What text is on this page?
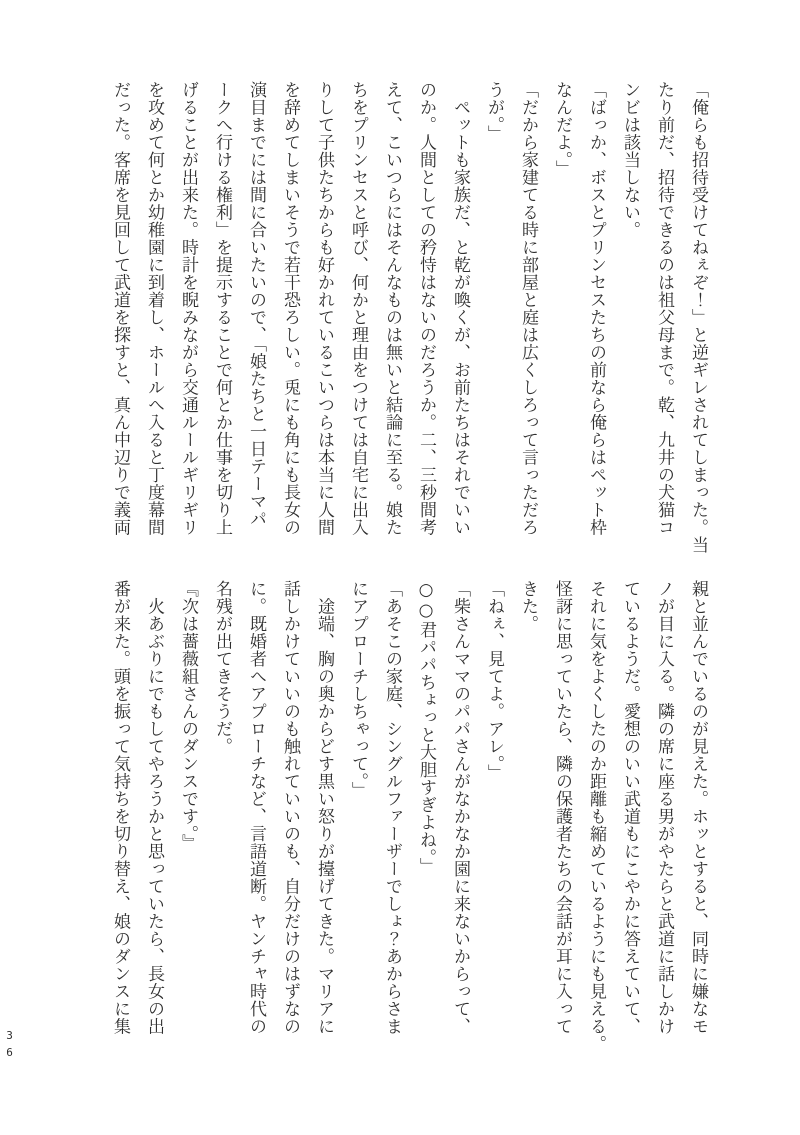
「俺らも招待受けてねぇぞ！」と逆ギレされてしまった。当
たり前だ、招待できるのは祖父母まで。乾、九井の犬猫コ
ンビは該当しない。
「ばっか、ボスとプリンセスたちの前なら俺らはペット枠
なんだよ。」
「だから家建てる時に部屋と庭は広くしろって言っただろ
うが。」
　ペットも家族だ、と乾が喚くが、お前たちはそれでいい
のか。人間としての矜恃はないのだろうか。二、三秒間考
えて、こいつらにはそんなものは無いと結論に至る。娘た
ちをプリンセスと呼び、何かと理由をつけては自宅に出入
りして子供たちからも好かれているこいつらは本当に人間
を辞めてしまいそうで若干恐ろしい。兎にも角にも長女の
演目までには間に合いたいので、「娘たちと一日テーマパ
ークへ行ける権利」を提示することで何とか仕事を切り上
げることが出来た。時計を睨みながら交通ルールギリギリ
を攻めて何とか幼稚園に到着し、ホールへ入ると丁度幕間
だった。客席を見回して武道を探すと、真ん中辺りで義両
親と並んでいるのが見えた。ホッとすると、同時に嫌なモ
ノが目に入る。隣の席に座る男がやたらと武道に話しかけ
ているようだ。愛想のいい武道もにこやかに答えていて、
それに気をよくしたのか距離も縮めているようにも見える。
怪訝に思っていたら、隣の保護者たちの会話が耳に入って
きた。
「ねぇ、見てよ。アレ。」
「柴さんママのパパさんがなかなか園に来ないからって、
○○君パパちょっと大胆すぎよね。」
「あそこの家庭、シングルファーザーでしょ？あからさま
にアプローチしちゃって。」
　途端、胸の奥からどす黒い怒りが擡げてきた。マリアに
話しかけていいのも触れていいのも、自分だけのはずなの
に。既婚者へアプローチなど、言語道断。ヤンチャ時代の
名残が出てきそうだ。
『次は薔薇組さんのダンスです。』
　火あぶりにでもしてやろうかと思っていたら、長女の出
番が来た。頭を振って気持ちを切り替え、娘のダンスに集
36
